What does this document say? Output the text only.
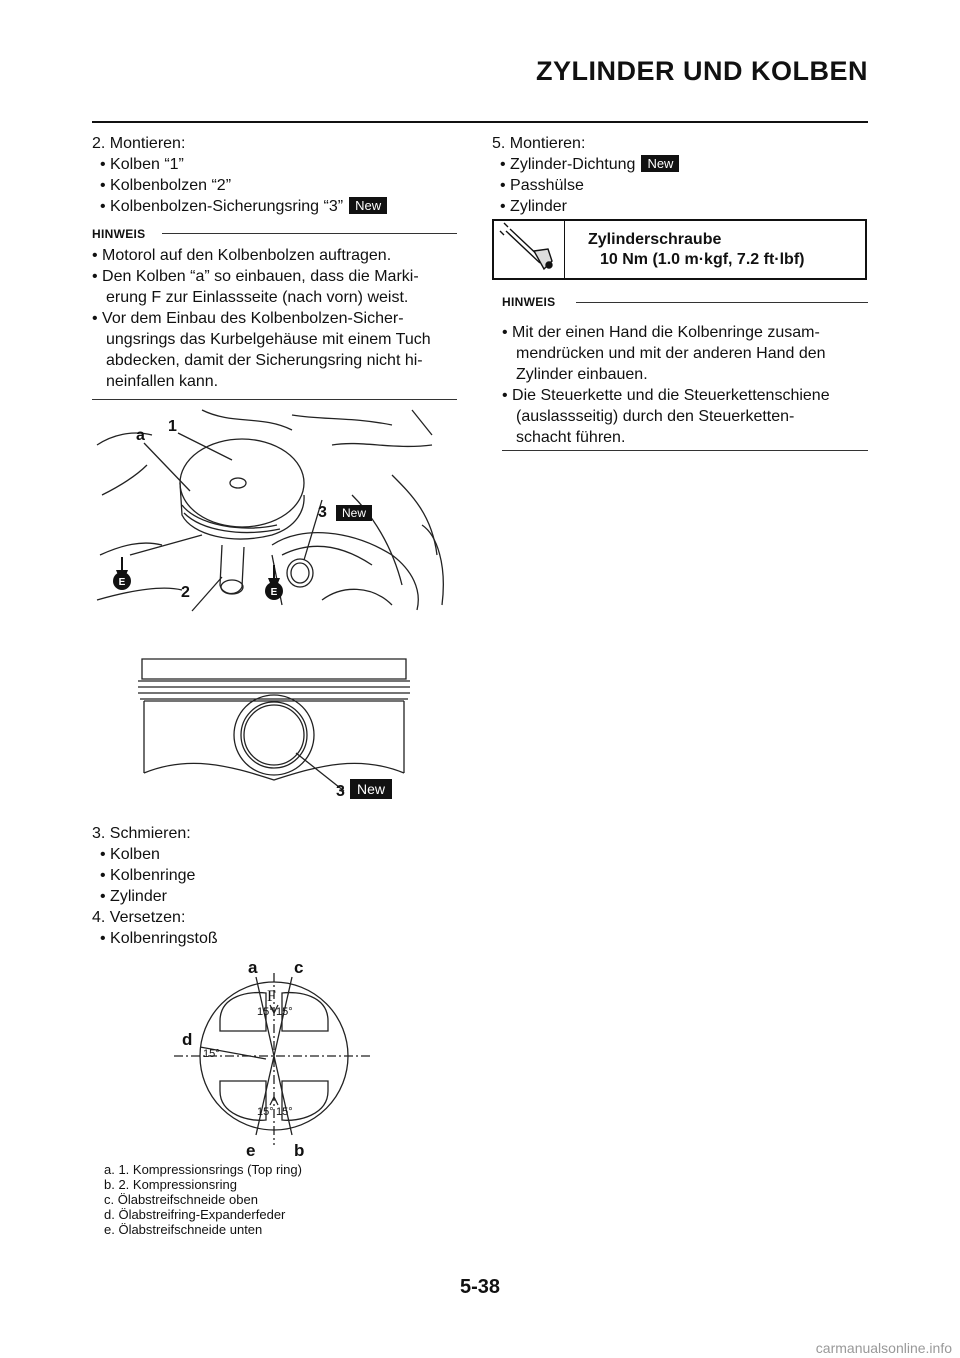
ZYLINDER UND KOLBEN
2. Montieren:
• Kolben “1”
• Kolbenbolzen “2”
• Kolbenbolzen-Sicherungsring “3” New
HINWEIS
• Motorol auf den Kolbenbolzen auftragen.
• Den Kolben “a” so einbauen, dass die Marki-
erung F zur Einlassseite (nach vorn) weist.
• Vor dem Einbau des Kolbenbolzen-Sicher-
ungsrings das Kurbelgehäuse mit einem Tuch
abdecken, damit der Sicherungsring nicht hi-
neinfallen kann.
E
E
a
1
2
3 New
3 New
3. Schmieren:
• Kolben
• Kolbenringe
• Zylinder
4. Versetzen:
• Kolbenringstoß
15° 15°
15°
15° 15°
F
a c
d
e b
a. 1. Kompressionsrings (Top ring)
b. 2. Kompressionsring
c. Ölabstreifschneide oben
d. Ölabstreifring-Expanderfeder
e. Ölabstreifschneide unten
5. Montieren:
• Zylinder-Dichtung New
• Passhülse
• Zylinder
Zylinderschraube
10 Nm (1.0 m·kgf, 7.2 ft·lbf)
HINWEIS
• Mit der einen Hand die Kolbenringe zusam-
mendrücken und mit der anderen Hand den
Zylinder einbauen.
• Die Steuerkette und die Steuerkettenschiene
(auslassseitig) durch den Steuerketten-
schacht führen.
5-38
carmanualsonline.info
